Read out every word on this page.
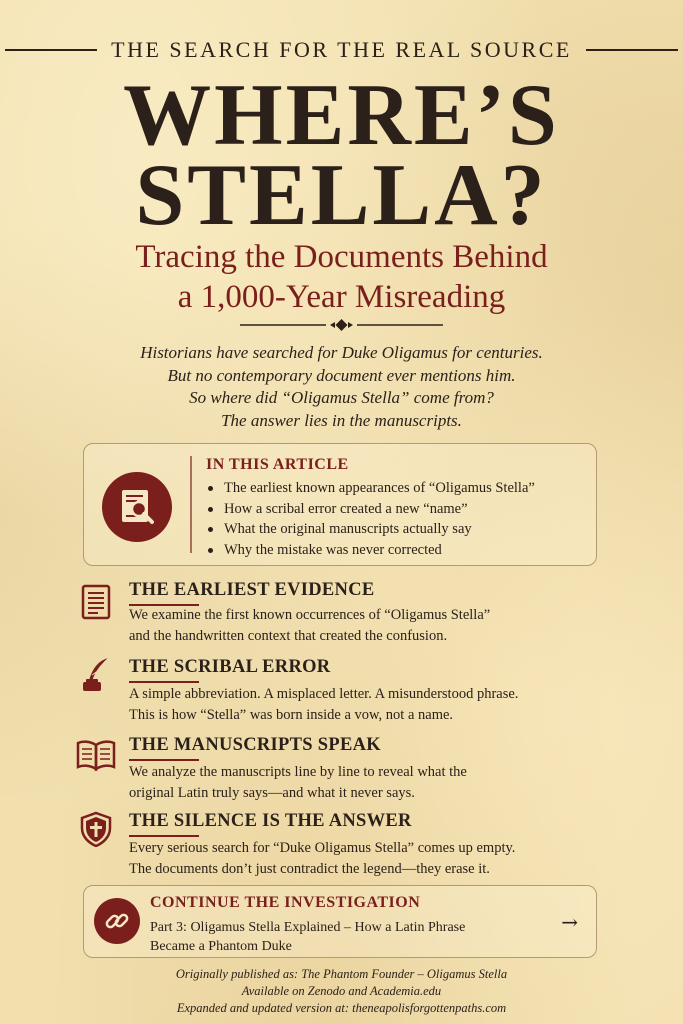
THE SEARCH FOR THE REAL SOURCE
WHERE’S
STELLA?
Tracing the Documents Behind
a 1,000-Year Misreading
Historians have searched for Duke Oligamus for centuries.
But no contemporary document ever mentions him.
So where did “Oligamus Stella” come from?
The answer lies in the manuscripts.
IN THIS ARTICLE
The earliest known appearances of “Oligamus Stella”
How a scribal error created a new “name”
What the original manuscripts actually say
Why the mistake was never corrected
THE EARLIEST EVIDENCE
We examine the first known occurrences of “Oligamus Stella”
and the handwritten context that created the confusion.
THE SCRIBAL ERROR
A simple abbreviation. A misplaced letter. A misunderstood phrase.
This is how “Stella” was born inside a vow, not a name.
THE MANUSCRIPTS SPEAK
We analyze the manuscripts line by line to reveal what the
original Latin truly says—and what it never says.
THE SILENCE IS THE ANSWER
Every serious search for “Duke Oligamus Stella” comes up empty.
The documents don’t just contradict the legend—they erase it.
CONTINUE THE INVESTIGATION
Part 3: Oligamus Stella Explained – How a Latin Phrase
Became a Phantom Duke
→
Originally published as: The Phantom Founder – Oligamus Stella
Available on Zenodo and Academia.edu
Expanded and updated version at: theneapolisforgottenpaths.com
